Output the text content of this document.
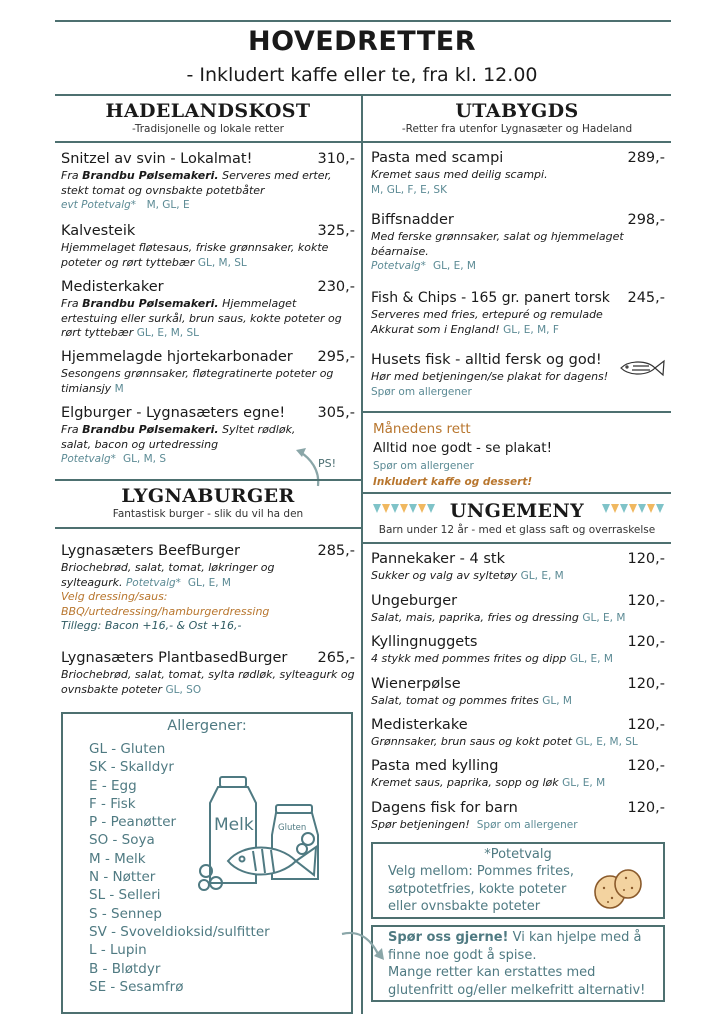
HOVEDRETTER
- Inkludert kaffe eller te, fra kl. 12.00
HADELANDSKOST
-Tradisjonelle og lokale retter
Snitzel av svin - Lokalmat!	310,-
Fra Brandbu Pølsemakeri. Serveres med erter, stekt tomat og ovnsbakte potetbåter
evt Potetvalg* M, GL, E
Kalvesteik	325,-
Hjemmelaget fløtesaus, friske grønnsaker, kokte poteter og rørt tyttebær GL, M, SL
Medisterkaker	230,-
Fra Brandbu Pølsemakeri. Hjemmelaget ertestuing eller surkål, brun saus, kokte poteter og rørt tyttebær GL, E, M, SL
Hjemmelagde hjortekarbonader	295,-
Sesongens grønnsaker, fløtegratinerte poteter og timiansjy M
Elgburger - Lygnasæters egne!	305,-
Fra Brandbu Pølsemakeri. Syltet rødløk, salat, bacon og urtedressing
Potetvalg* GL, M, S	PS!
LYGNABURGER
Fantastisk burger - slik du vil ha den
Lygnasæters BeefBurger	285,-
Briochebrød, salat, tomat, løkringer og sylteagurk. Potetvalg* GL, E, M
Velg dressing/saus:
BBQ/urtedressing/hamburgerdressing
Tillegg: Bacon +16,- & Ost +16,-
Lygnasæters PlantbasedBurger	265,-
Briochebrød, salat, tomat, sylta rødløk, sylteagurk og ovnsbakte poteter GL, SO
Allergener:
GL - Gluten
SK - Skalldyr
E - Egg
F - Fisk
P - Peanøtter
SO - Soya
M - Melk
N - Nøtter
SL - Selleri
S - Sennep
SV - Svoveldioksid/sulfitter
L - Lupin
B - Bløtdyr
SE - Sesamfrø
Melk	Gluten
UTABYGDS
-Retter fra utenfor Lygnasæter og Hadeland
Pasta med scampi	289,-
Kremet saus med deilig scampi.
M, GL, F, E, SK
Biffsnadder	298,-
Med ferske grønnsaker, salat og hjemmelaget béarnaise.
Potetvalg* GL, E, M
Fish & Chips - 165 gr. panert torsk	245,-
Serveres med fries, ertepuré og remulade Akkurat som i England! GL, E, M, F
Husets fisk - alltid fersk og god!
Hør med betjeningen/se plakat for dagens!
Spør om allergener
Månedens rett
Alltid noe godt - se plakat!
Spør om allergener
Inkludert kaffe og dessert!
UNGEMENY
Barn under 12 år - med et glass saft og overraskelse
Pannekaker - 4 stk	120,-
Sukker og valg av syltetøy GL, E, M
Ungeburger	120,-
Salat, mais, paprika, fries og dressing GL, E, M
Kyllingnuggets	120,-
4 stykk med pommes frites og dipp GL, E, M
Wienerpølse	120,-
Salat, tomat og pommes frites GL, M
Medisterkake	120,-
Grønnsaker, brun saus og kokt potet GL, E, M, SL
Pasta med kylling	120,-
Kremet saus, paprika, sopp og løk GL, E, M
Dagens fisk for barn	120,-
Spør betjeningen! Spør om allergener
*Potetvalg
Velg mellom: Pommes frites,
søtpotetfries, kokte poteter
eller ovnsbakte poteter
Spør oss gjerne! Vi kan hjelpe med å
finne noe godt å spise.
Mange retter kan erstattes med
glutenfritt og/eller melkefritt alternativ!
